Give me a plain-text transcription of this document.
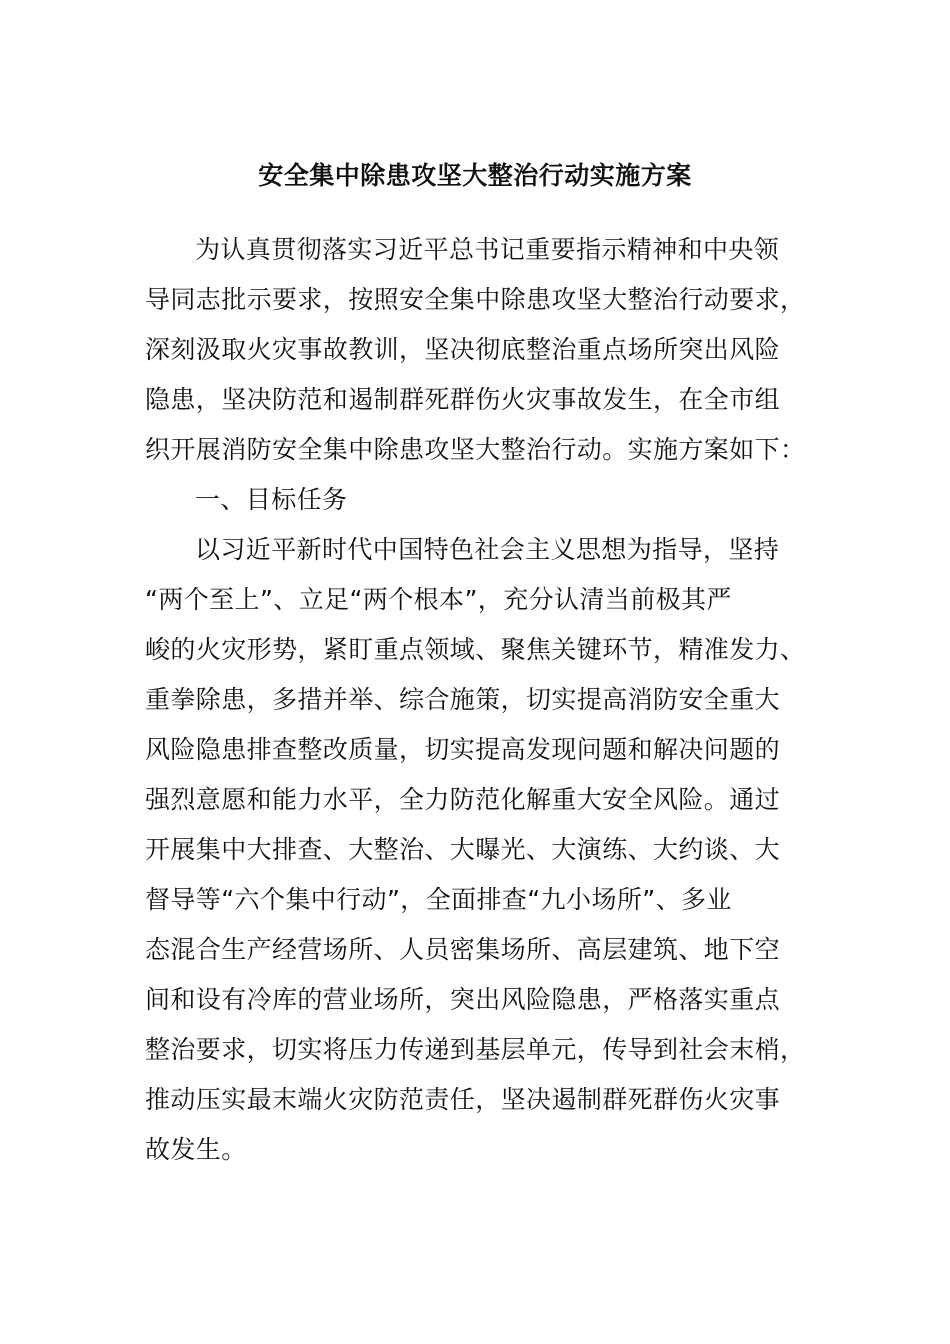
安全集中除患攻坚大整治行动实施方案
为认真贯彻落实习近平总书记重要指示精神和中央领
导同志批示要求，按照安全集中除患攻坚大整治行动要求，
深刻汲取火灾事故教训，坚决彻底整治重点场所突出风险
隐患，坚决防范和遏制群死群伤火灾事故发生，在全市组
织开展消防安全集中除患攻坚大整治行动。实施方案如下：
一、目标任务
以习近平新时代中国特色社会主义思想为指导，坚持
“两个至上”、立足“两个根本”，充分认清当前极其严
峻的火灾形势，紧盯重点领域、聚焦关键环节，精准发力、
重拳除患，多措并举、综合施策，切实提高消防安全重大
风险隐患排查整改质量，切实提高发现问题和解决问题的
强烈意愿和能力水平，全力防范化解重大安全风险。通过
开展集中大排查、大整治、大曝光、大演练、大约谈、大
督导等“六个集中行动”，全面排查“九小场所”、多业
态混合生产经营场所、人员密集场所、高层建筑、地下空
间和设有冷库的营业场所，突出风险隐患，严格落实重点
整治要求，切实将压力传递到基层单元，传导到社会末梢，
推动压实最末端火灾防范责任，坚决遏制群死群伤火灾事
故发生。
